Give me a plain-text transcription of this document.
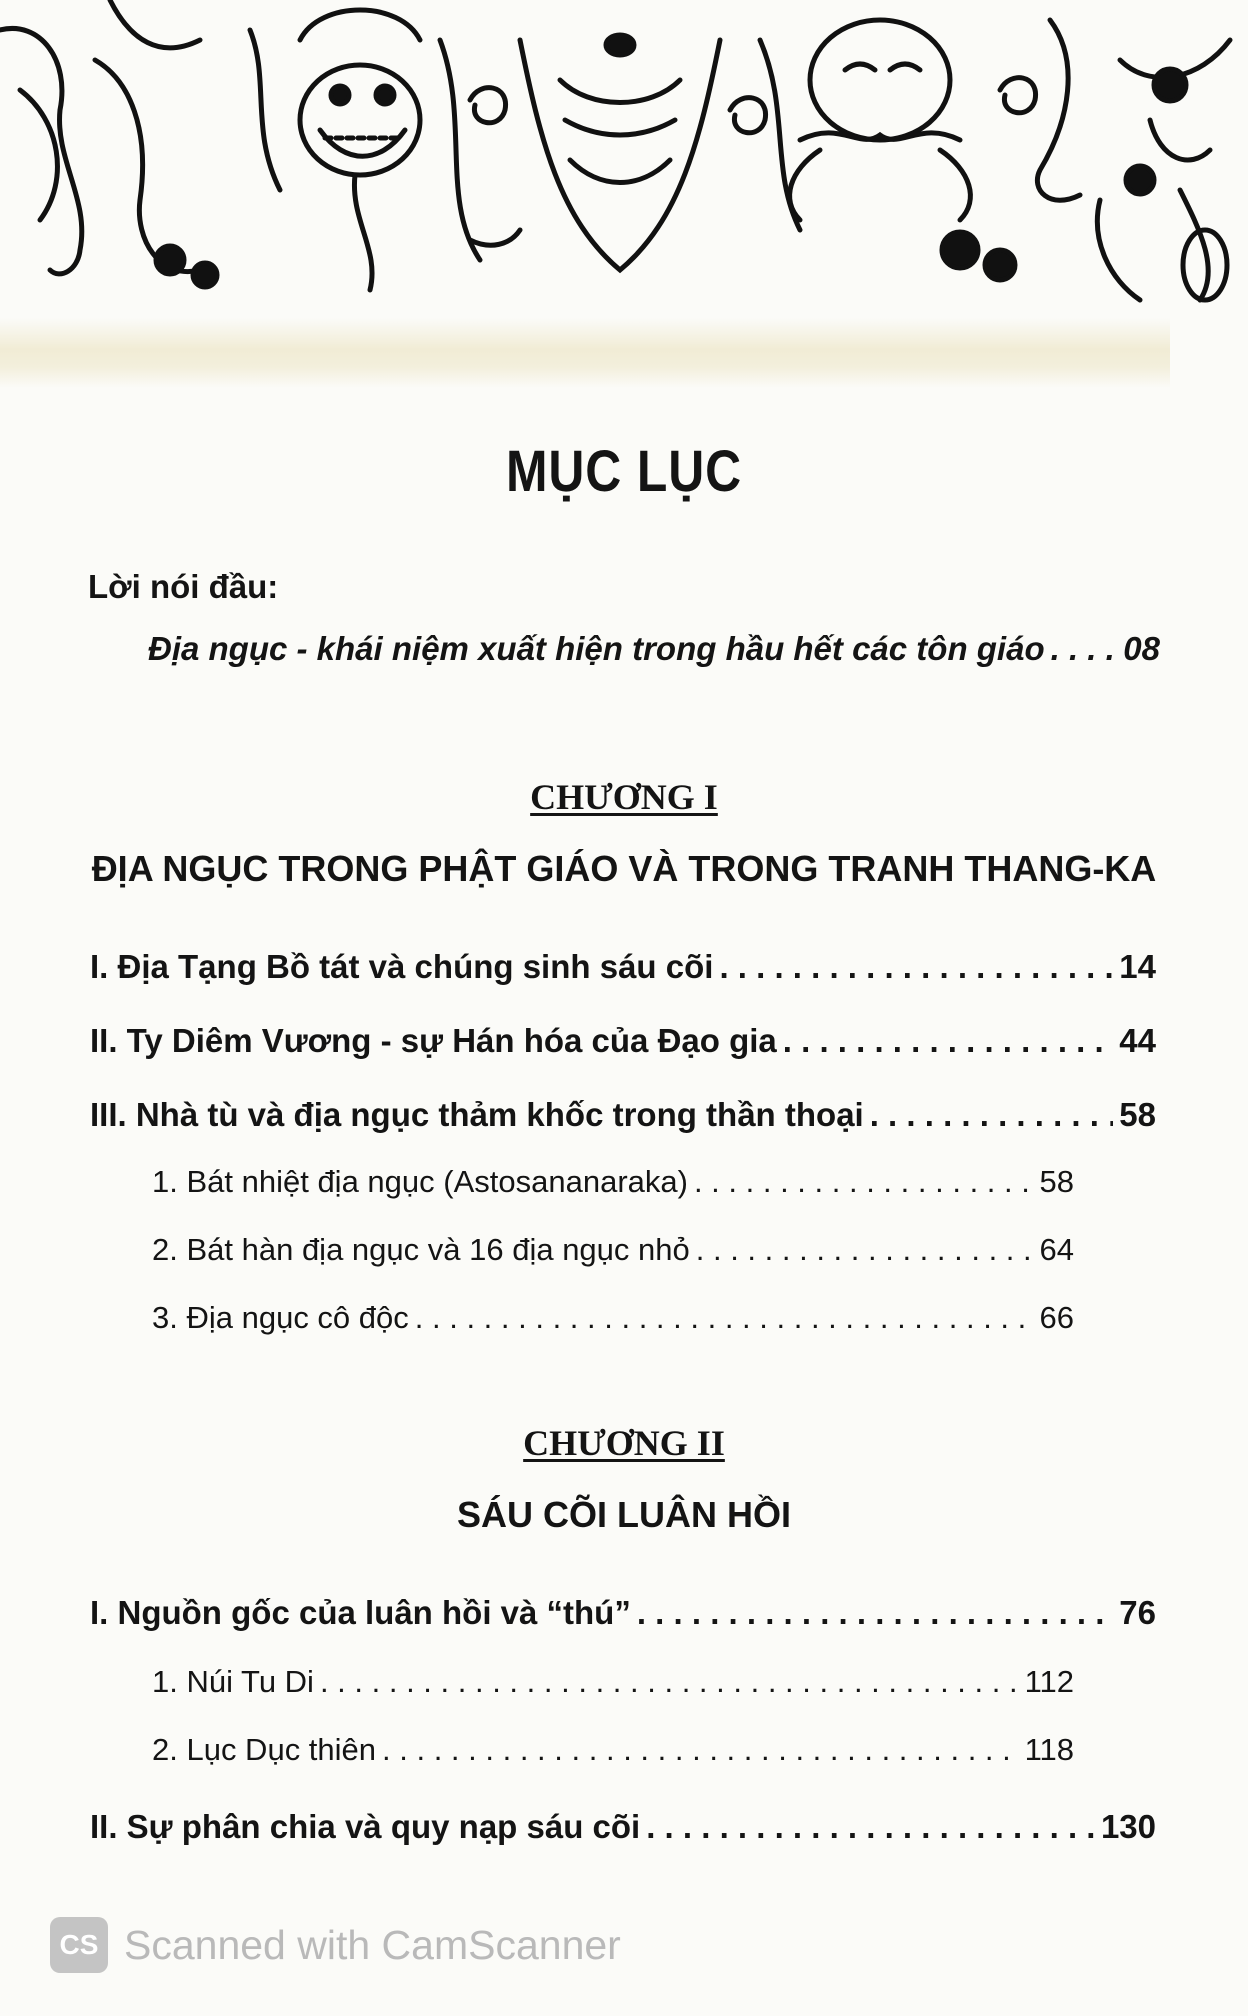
MỤC LỤC
Lời nói đầu:
Địa ngục - khái niệm xuất hiện trong hầu hết các tôn giáo . . . 08
CHƯƠNG I
ĐỊA NGỤC TRONG PHẬT GIÁO VÀ TRONG TRANH THANG-KA
I. Địa Tạng Bồ tát và chúng sinh sáu cõi . . .	14
II. Ty Diêm Vương - sự Hán hóa của Đạo gia . . .	44
III. Nhà tù và địa ngục thảm khốc trong thần thoại . . .	58
1. Bát nhiệt địa ngục (Astosananaraka) . . .	58
2. Bát hàn địa ngục và 16 địa ngục nhỏ . . .	64
3. Địa ngục cô độc . . .	66
CHƯƠNG II
SÁU CÕI LUÂN HỒI
I. Nguồn gốc của luân hồi và “thú” . . .	76
1. Núi Tu Di . . .	112
2. Lục Dục thiên . . .	118
II. Sự phân chia và quy nạp sáu cõi . . .	130
CS Scanned with CamScanner
